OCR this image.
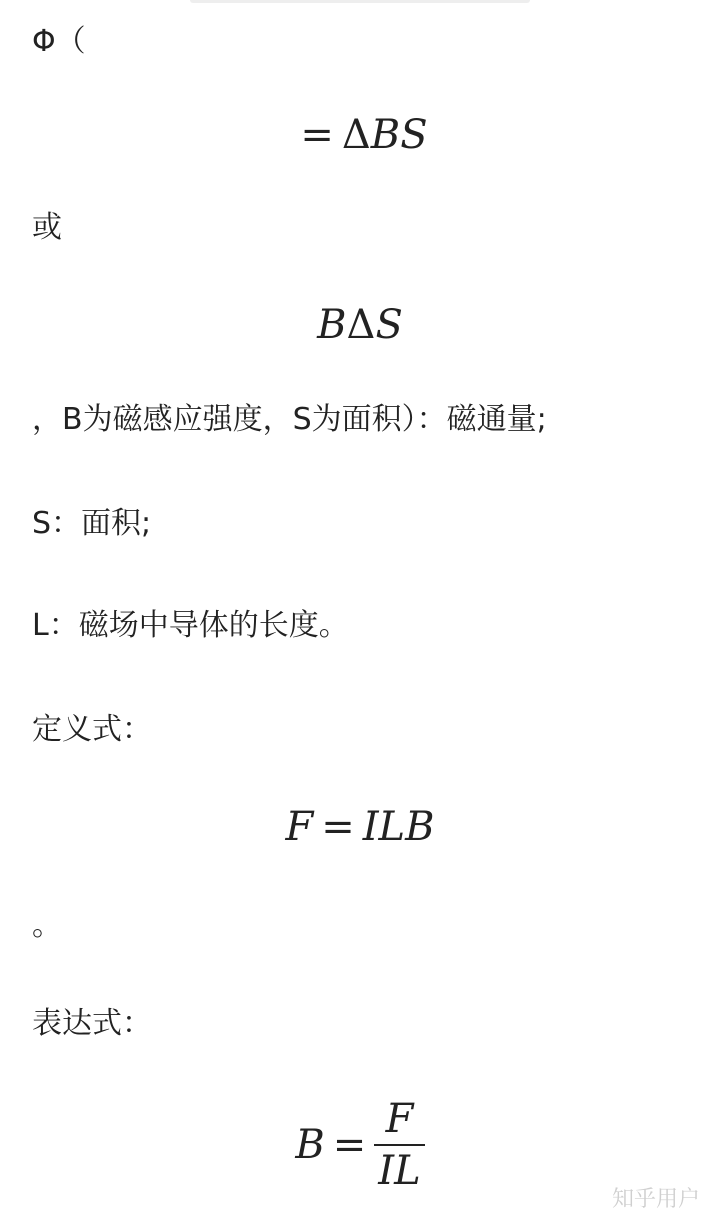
Φ（

= ΔBS

或

BΔS

，B为磁感应强度，S为面积）：磁通量;

S：面积;

L：磁场中导体的长度。

定义式：

F = ILB

。

表达式：

$B = \frac{F}{IL}$
知乎用户
